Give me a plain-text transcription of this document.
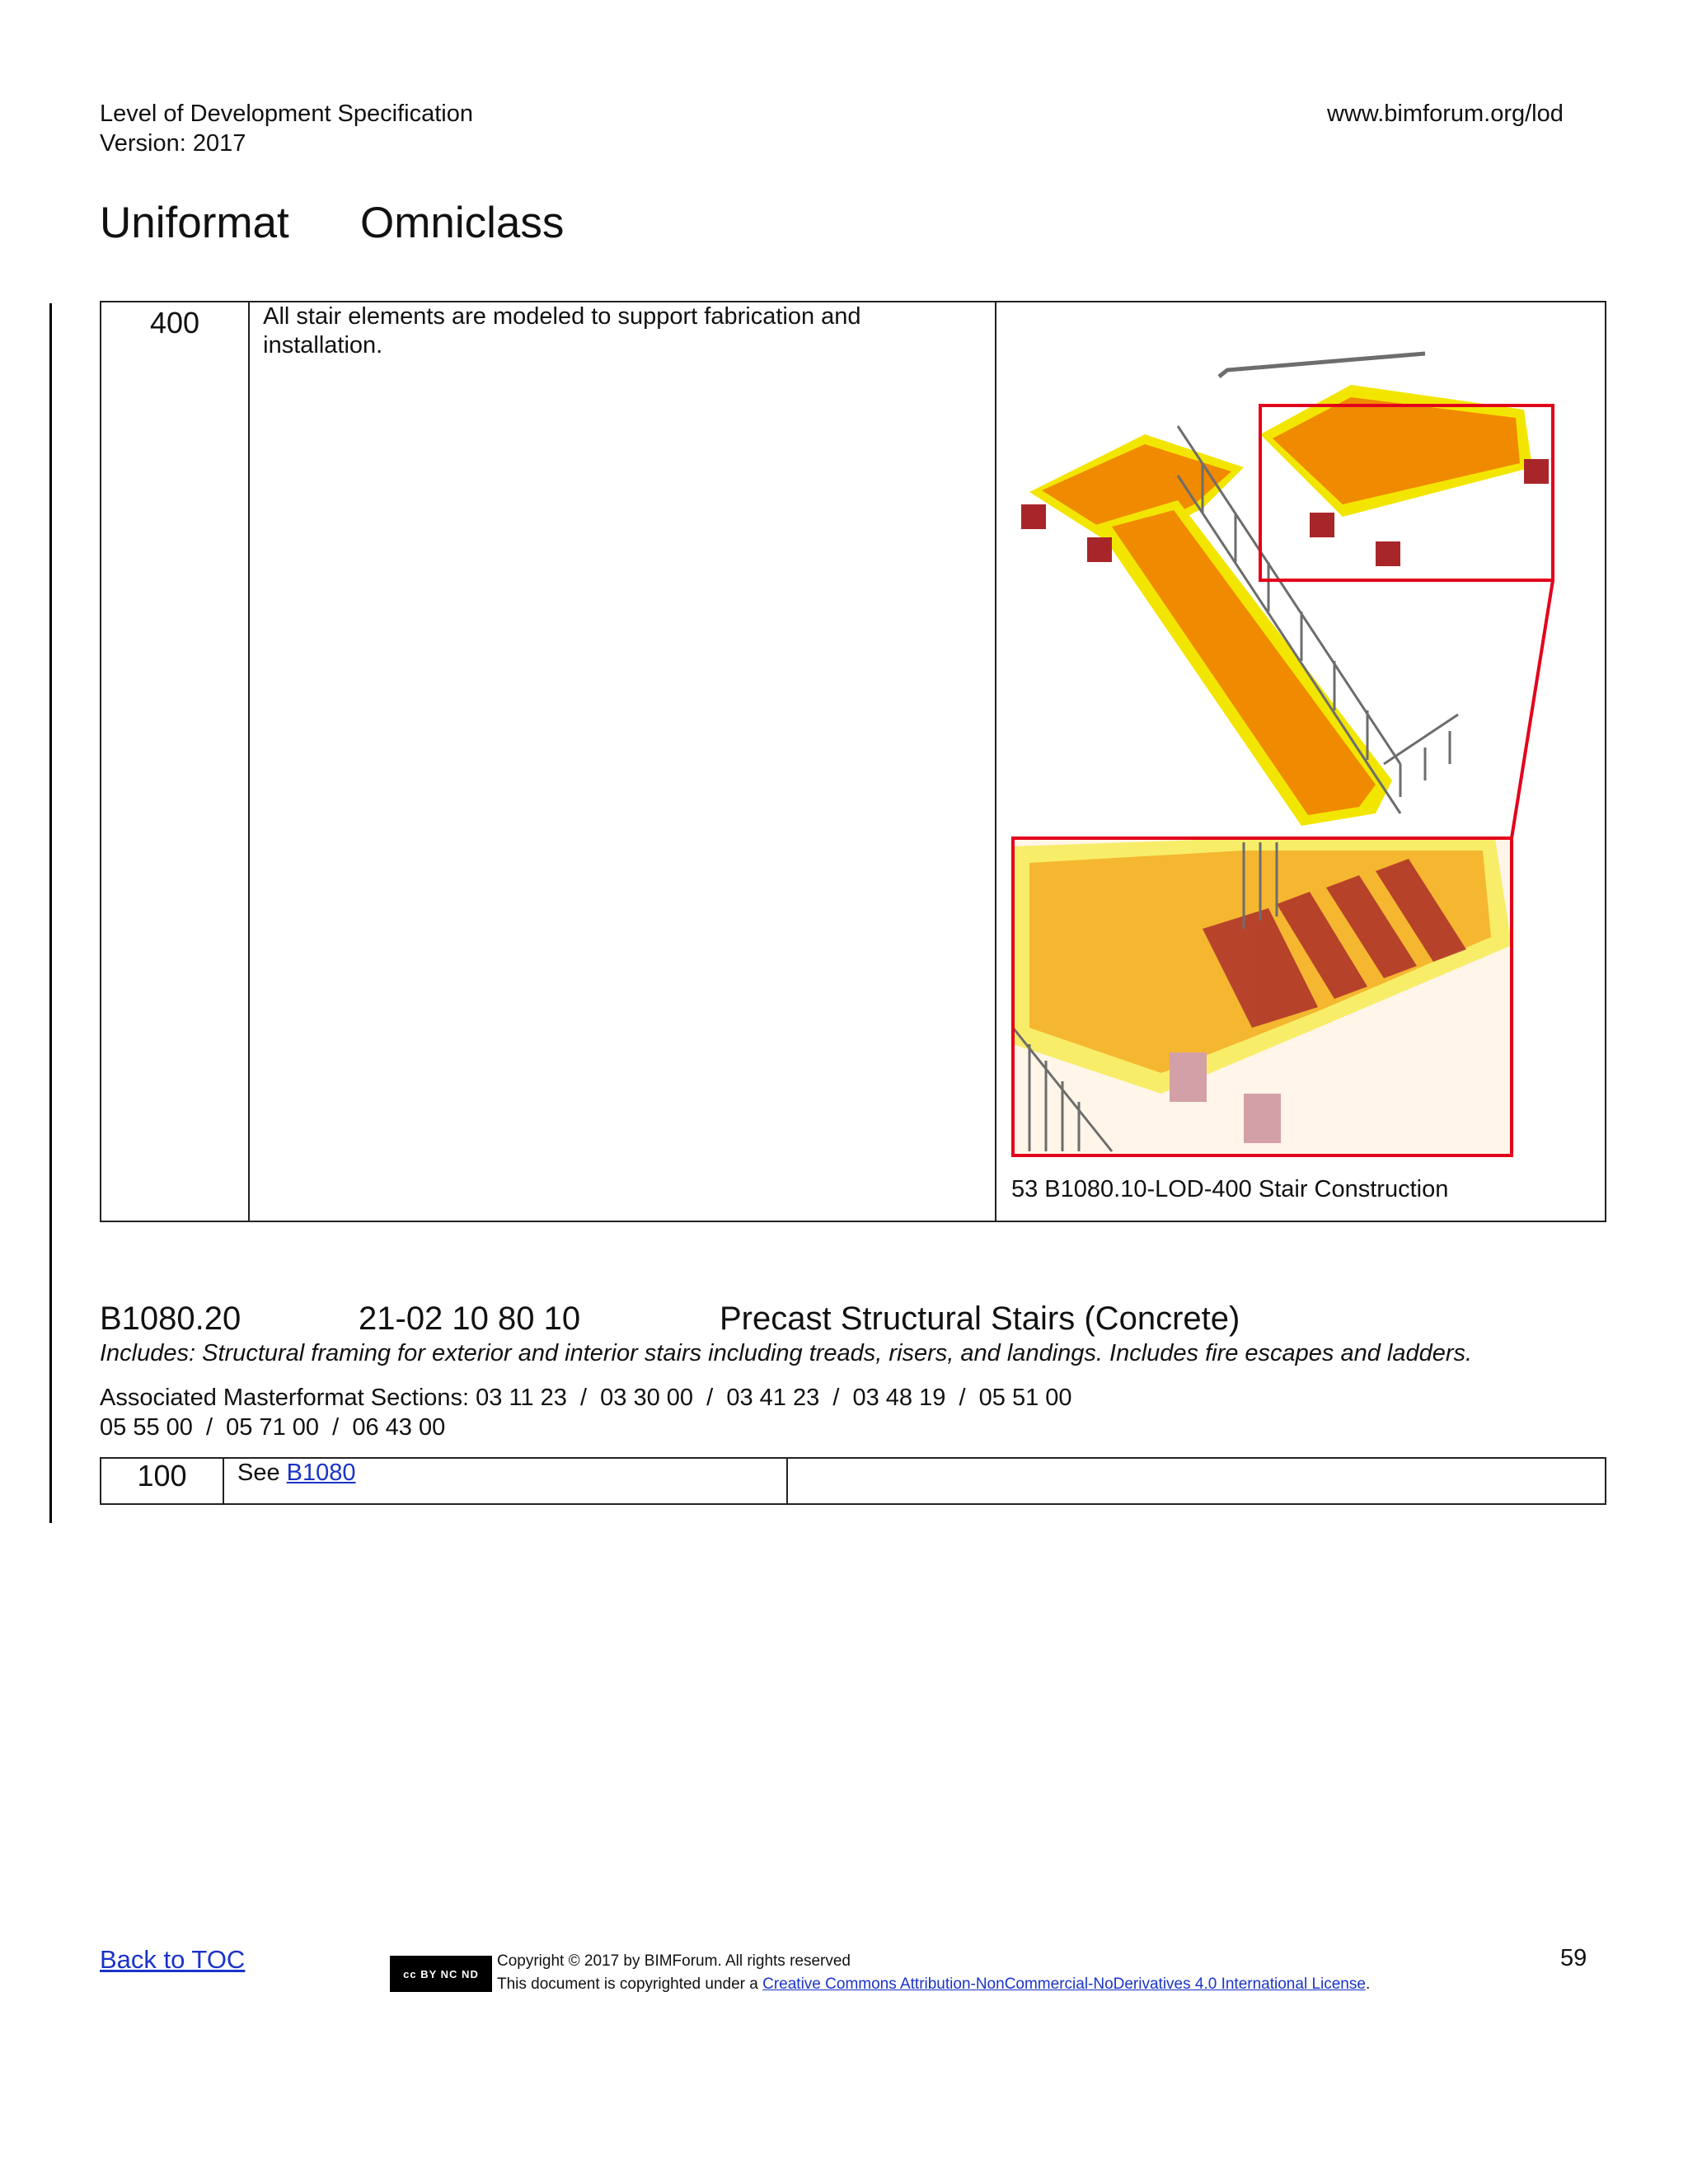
Level of Development Specification
Version: 2017
www.bimforum.org/lod
Uniformat Omniclass
400	All stair elements are modeled to support fabrication and installation.

53 B1080.10-LOD-400 Stair Construction
B1080.20	21-02 10 80 10	Precast Structural Stairs (Concrete)
Includes: Structural framing for exterior and interior stairs including treads, risers, and landings. Includes fire escapes and ladders.
Associated Masterformat Sections: 03 11 23  /  03 30 00  /  03 41 23  /  03 48 19  /  05 51 00
05 55 00  /  05 71 00  /  06 43 00
100	See B1080	
Back to TOC	cc BY NC ND
Copyright © 2017 by BIMForum. All rights reserved
This document is copyrighted under a Creative Commons Attribution-NonCommercial-NoDerivatives 4.0 International License.
59
